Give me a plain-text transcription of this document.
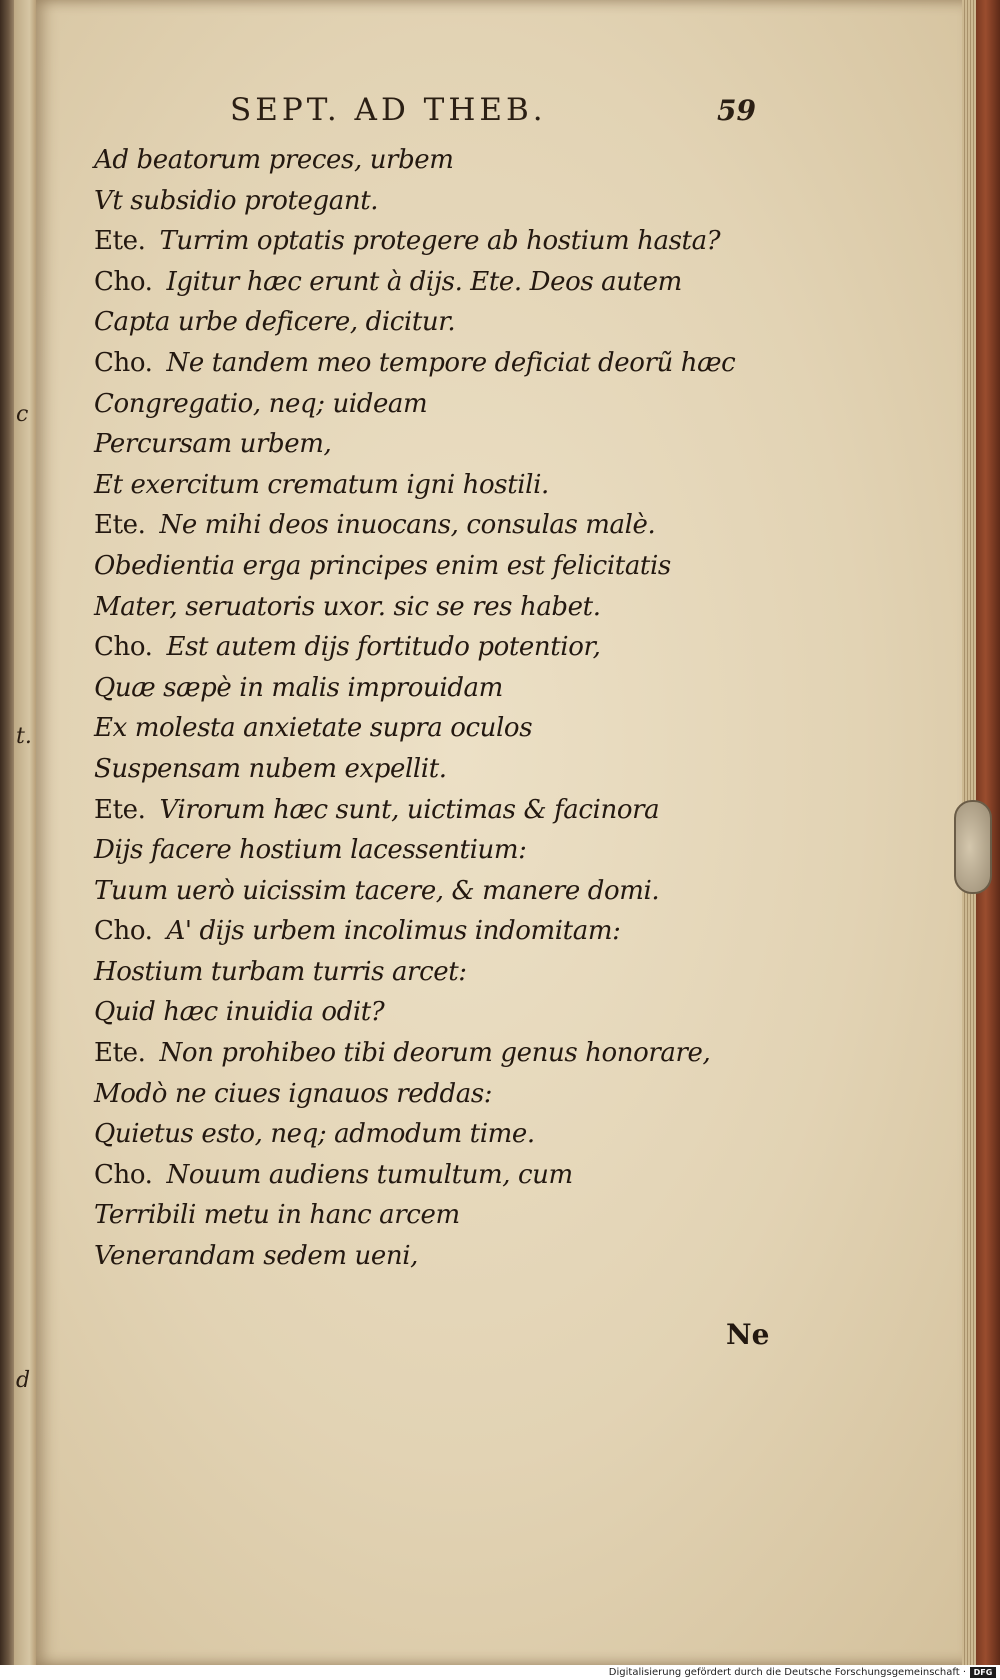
c
t.
d
SEPT. AD THEB.	59
Ad beatorum preces, urbem
Vt subsidio protegant.
Ete. Turrim optatis protegere ab hostium hasta?
Cho. Igitur hæc erunt à dijs. Ete. Deos autem
Capta urbe deficere, dicitur.
Cho. Ne tandem meo tempore deficiat deorũ hæc
Congregatio, neq; uideam
Percursam urbem,
Et exercitum crematum igni hostili.
Ete. Ne mihi deos inuocans, consulas malè.
Obedientia erga principes enim est felicitatis
Mater, seruatoris uxor. sic se res habet.
Cho. Est autem dijs fortitudo potentior,
Quæ sæpè in malis improuidam
Ex molesta anxietate supra oculos
Suspensam nubem expellit.
Ete. Virorum hæc sunt, uictimas & facinora
Dijs facere hostium lacessentium:
Tuum uerò uicissim tacere, & manere domi.
Cho. A' dijs urbem incolimus indomitam:
Hostium turbam turris arcet:
Quid hæc inuidia odit?
Ete. Non prohibeo tibi deorum genus honorare,
Modò ne ciues ignauos reddas:
Quietus esto, neq; admodum time.
Cho. Nouum audiens tumultum, cum
Terribili metu in hanc arcem
Venerandam sedem ueni,
Ne
Digitalisierung gefördert durch die Deutsche Forschungsgemeinschaft · DFG
